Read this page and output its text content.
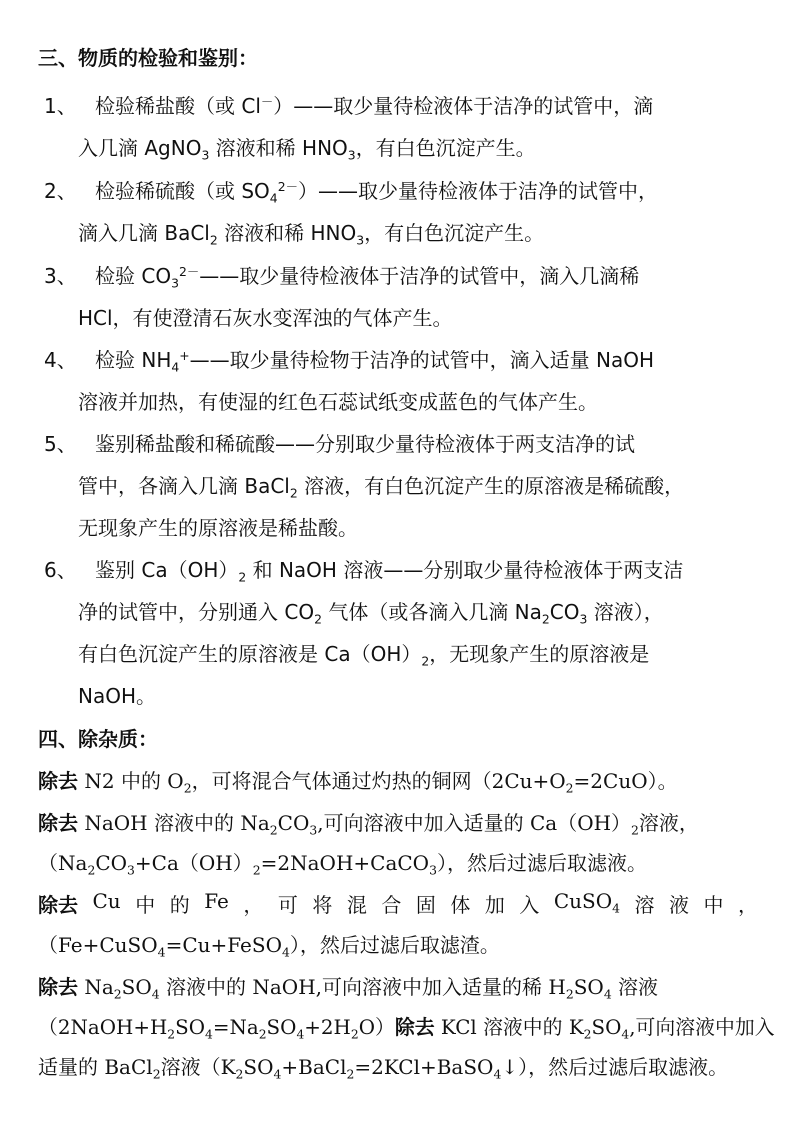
三、物质的检验和鉴别：
1、 检验稀盐酸（或 Cl－）——取少量待检液体于洁净的试管中，滴
入几滴 AgNO$_3$ 溶液和稀 $HNO_3$，有白色沉淀产生。
2、 检验稀硫酸（或 $SO_4^{2-})——$取少量待检液体于洁净的试管中，
滴入几滴 BaCl$_2$ 溶液和稀 $HNO_3$，有白色沉淀产生。
3、 检验 $CO_3^{2-}——$取少量待检液体于洁净的试管中，滴入几滴稀
HCl，有使澄清石灰水变浑浊的气体产生。
4、 检验 $NH_4^+——$取少量待检物于洁净的试管中，滴入适量 NaOH
溶液并加热，有使湿的红色石蕊试纸变成蓝色的气体产生。
5、 鉴别稀盐酸和稀硫酸——分别取少量待检液体于两支洁净的试
管中，各滴入几滴 BaCl$_2$ 溶液，有白色沉淀产生的原溶液是稀硫酸，
无现象产生的原溶液是稀盐酸。
6、 鉴别 $Ca(OH)_2$ 和 NaOH 溶液——分别取少量待检液体于两支洁
净的试管中，分别通入 $CO_2$ 气体（或各滴入几滴 $Na_2CO_3$ 溶液），
有白色沉淀产生的原溶液是 $Ca(OH)_2$，无现象产生的原溶液是
NaOH。
四、除杂质：
除去 N2 中的 $O_2$，可将混合气体通过灼热的铜网$(2Cu+O_2=2CuO)$。
除去 NaOH 溶液中的 $Na_2CO_3$,可向溶液中加入适量的 $Ca(OH)_2$溶液，
$(Na_2CO_3+Ca(OH)_2=2NaOH+CaCO_3)$，然后过滤后取滤液。
除去 Cu 中 的 Fe ， 可 将 混 合 固 体 加 入 CuSO$_4$ 溶 液 中 ，
（Fe+CuSO$_4$=Cu+FeSO$_4$），然后过滤后取滤渣。
除去 $Na_2SO_4$ 溶液中的 NaOH,可向溶液中加入适量的稀 $H_2SO_4$ 溶液
$(2NaOH+H_2SO_4=Na_2SO_4+2H_2O)$除去 KCl 溶液中的 $K_2SO_4$,可向溶液中加入
适量的 BaCl$_2$溶液$(K_2SO_4+BaCl_2=2KCl+BaSO_4↓)$，然后过滤后取滤液。
